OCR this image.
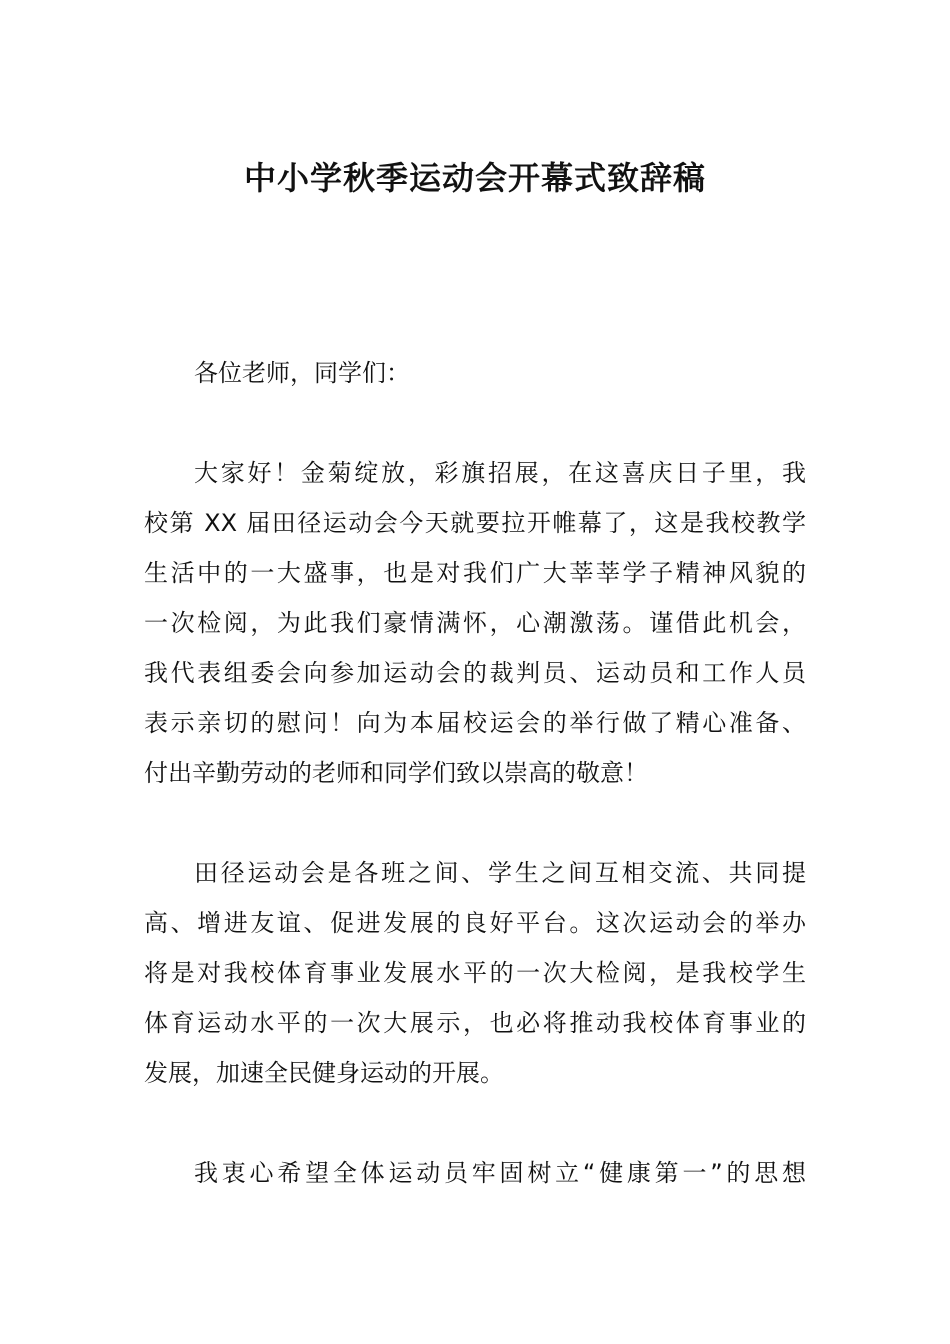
中小学秋季运动会开幕式致辞稿

各位老师，同学们：

大家好！金菊绽放，彩旗招展，在这喜庆日子里，我
校第 XX 届田径运动会今天就要拉开帷幕了，这是我校教学
生活中的一大盛事，也是对我们广大莘莘学子精神风貌的
一次检阅，为此我们豪情满怀，心潮激荡。谨借此机会，
我代表组委会向参加运动会的裁判员、运动员和工作人员
表示亲切的慰问！向为本届校运会的举行做了精心准备、
付出辛勤劳动的老师和同学们致以崇高的敬意！
田径运动会是各班之间、学生之间互相交流、共同提
高、增进友谊、促进发展的良好平台。这次运动会的举办
将是对我校体育事业发展水平的一次大检阅，是我校学生
体育运动水平的一次大展示，也必将推动我校体育事业的
发展，加速全民健身运动的开展。
我衷心希望全体运动员牢固树立“健康第一”的思想
